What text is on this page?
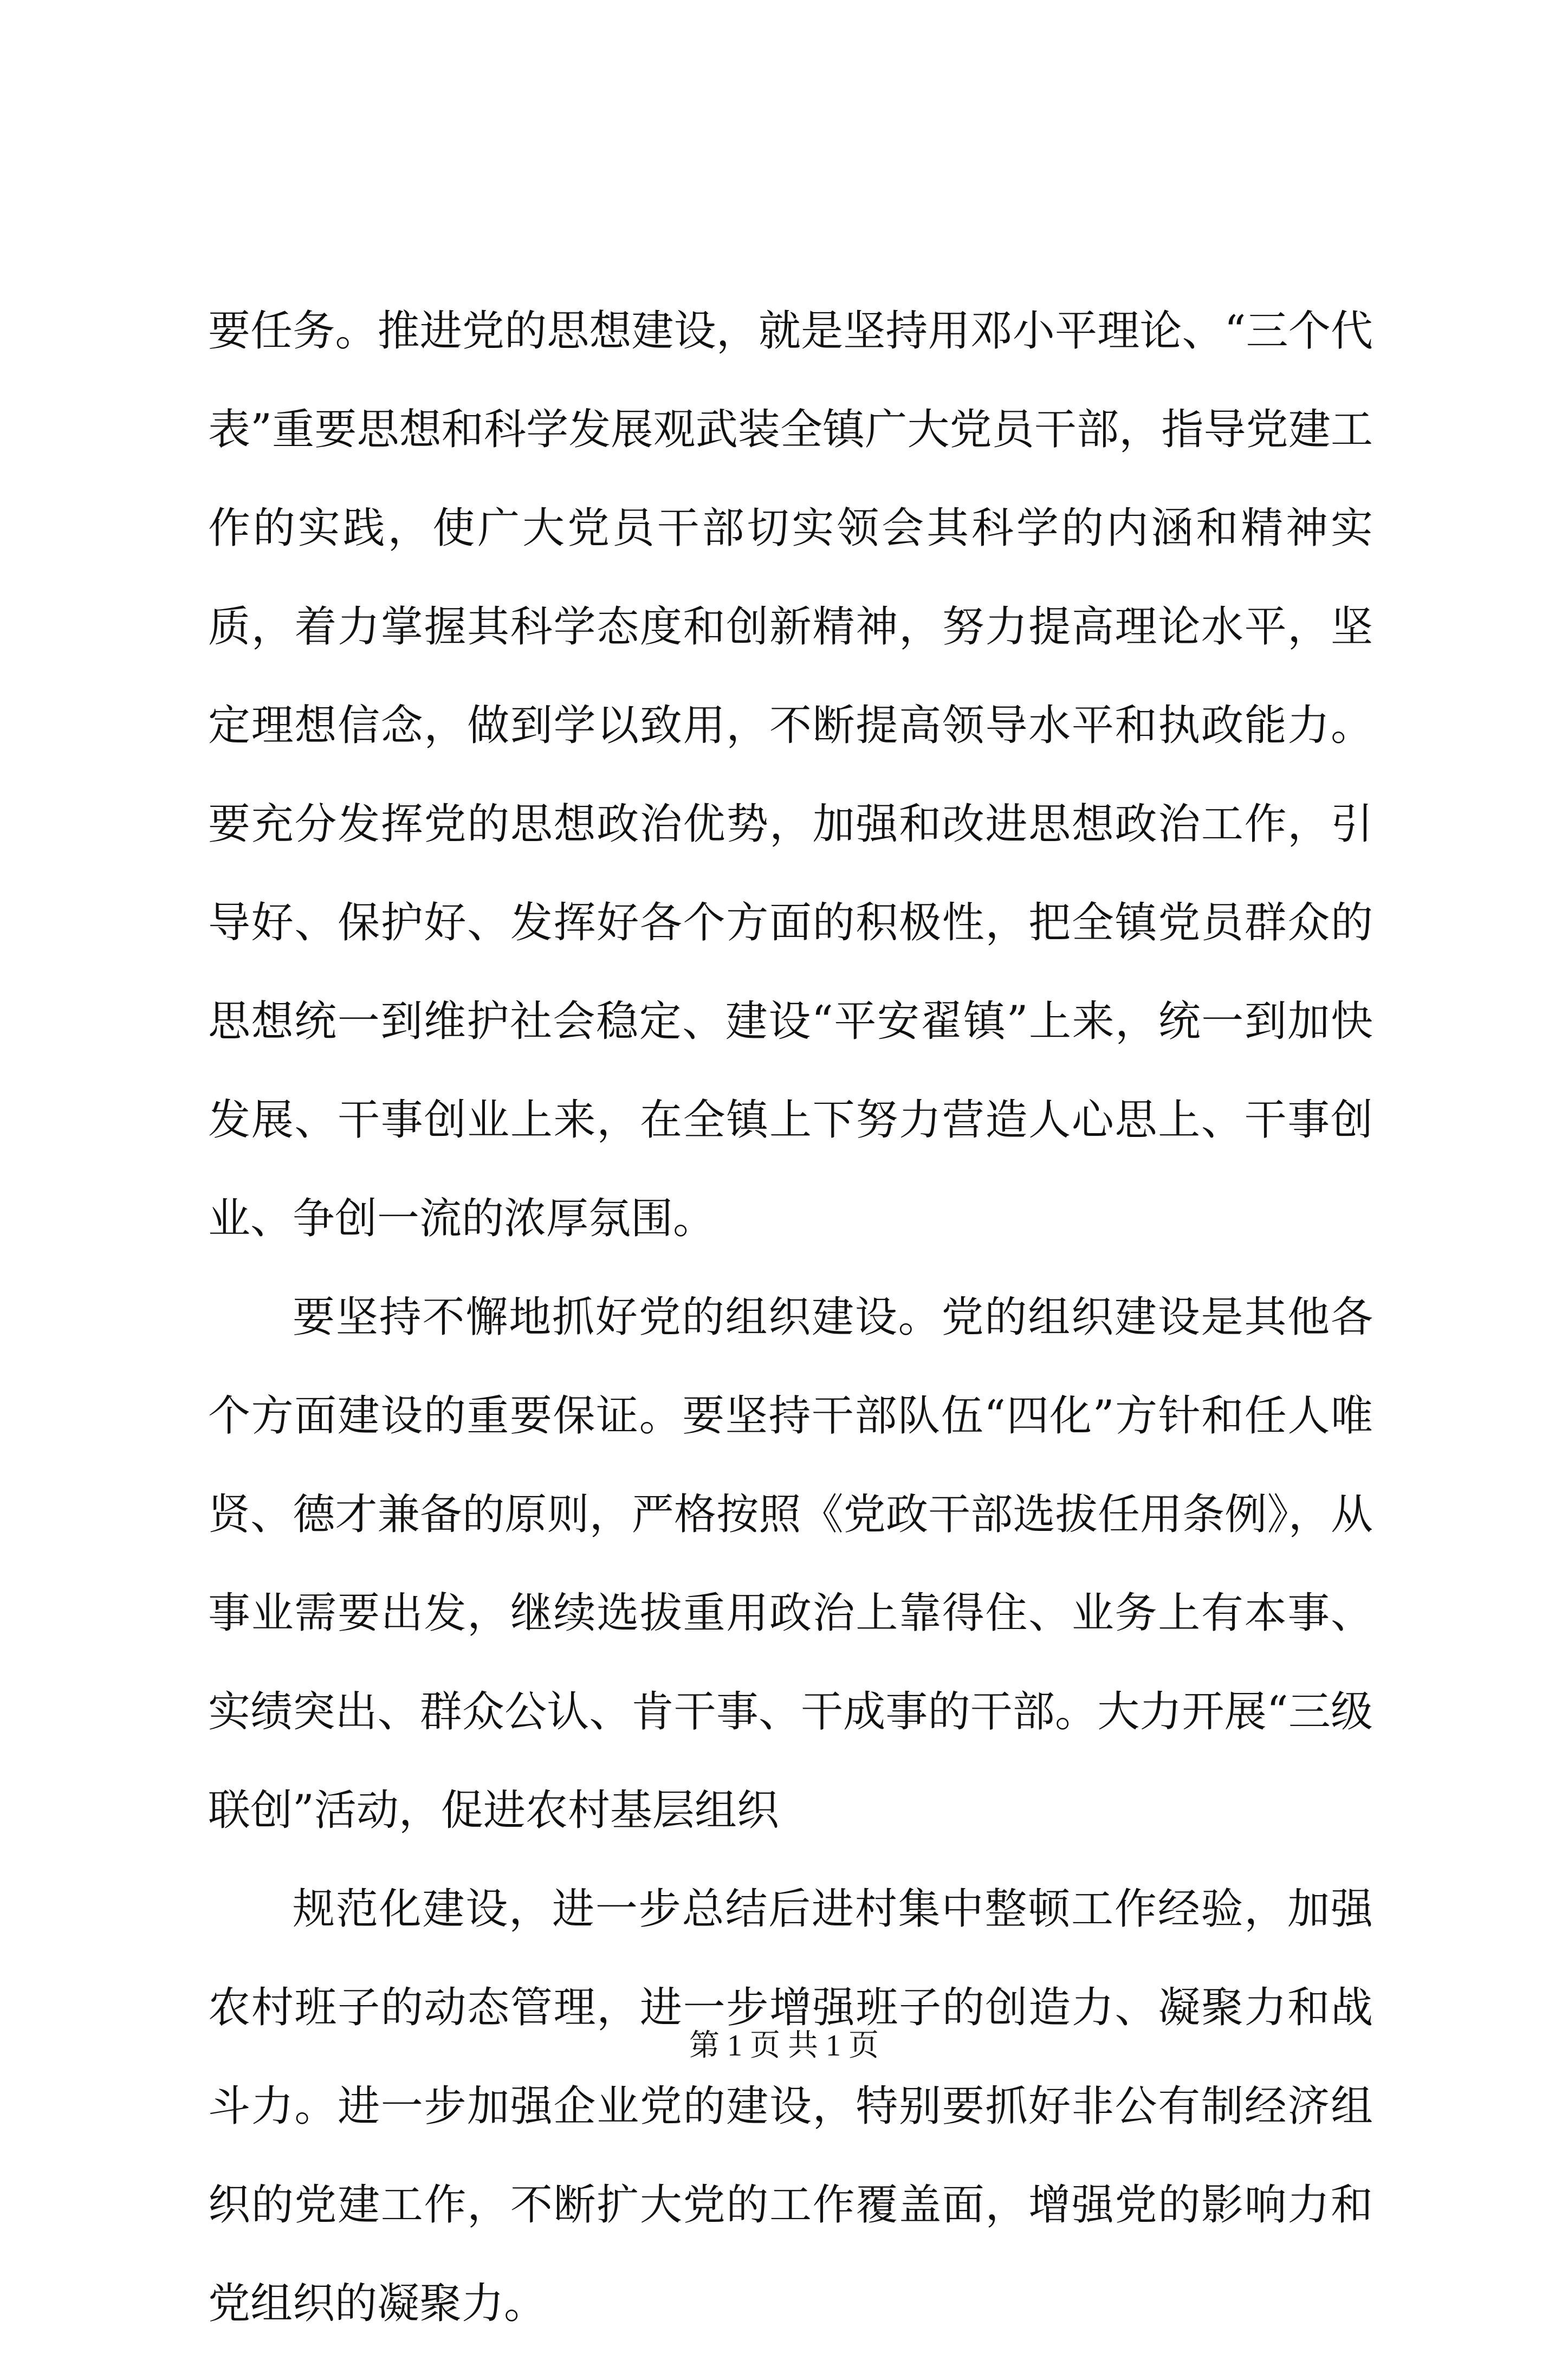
要任务。推进党的思想建设，就是坚持用邓小平理论、“三个代表”重要思想和科学发展观武装全镇广大党员干部，指导党建工作的实践，使广大党员干部切实领会其科学的内涵和精神实质，着力掌握其科学态度和创新精神，努力提高理论水平，坚定理想信念，做到学以致用，不断提高领导水平和执政能力。要充分发挥党的思想政治优势，加强和改进思想政治工作，引导好、保护好、发挥好各个方面的积极性，把全镇党员群众的思想统一到维护社会稳定、建设“平安翟镇”上来，统一到加快发展、干事创业上来，在全镇上下努力营造人心思上、干事创业、争创一流的浓厚氛围。

要坚持不懈地抓好党的组织建设。党的组织建设是其他各个方面建设的重要保证。要坚持干部队伍“四化”方针和任人唯贤、德才兼备的原则，严格按照《党政干部选拔任用条例》，从事业需要出发，继续选拔重用政治上靠得住、业务上有本事、实绩突出、群众公认、肯干事、干成事的干部。大力开展“三级联创”活动，促进农村基层组织

规范化建设，进一步总结后进村集中整顿工作经验，加强农村班子的动态管理，进一步增强班子的创造力、凝聚力和战斗力。进一步加强企业党的建设，特别要抓好非公有制经济组织的党建工作，不断扩大党的工作覆盖面，增强党的影响力和党组织的凝聚力。

第 1 页 共 1 页
